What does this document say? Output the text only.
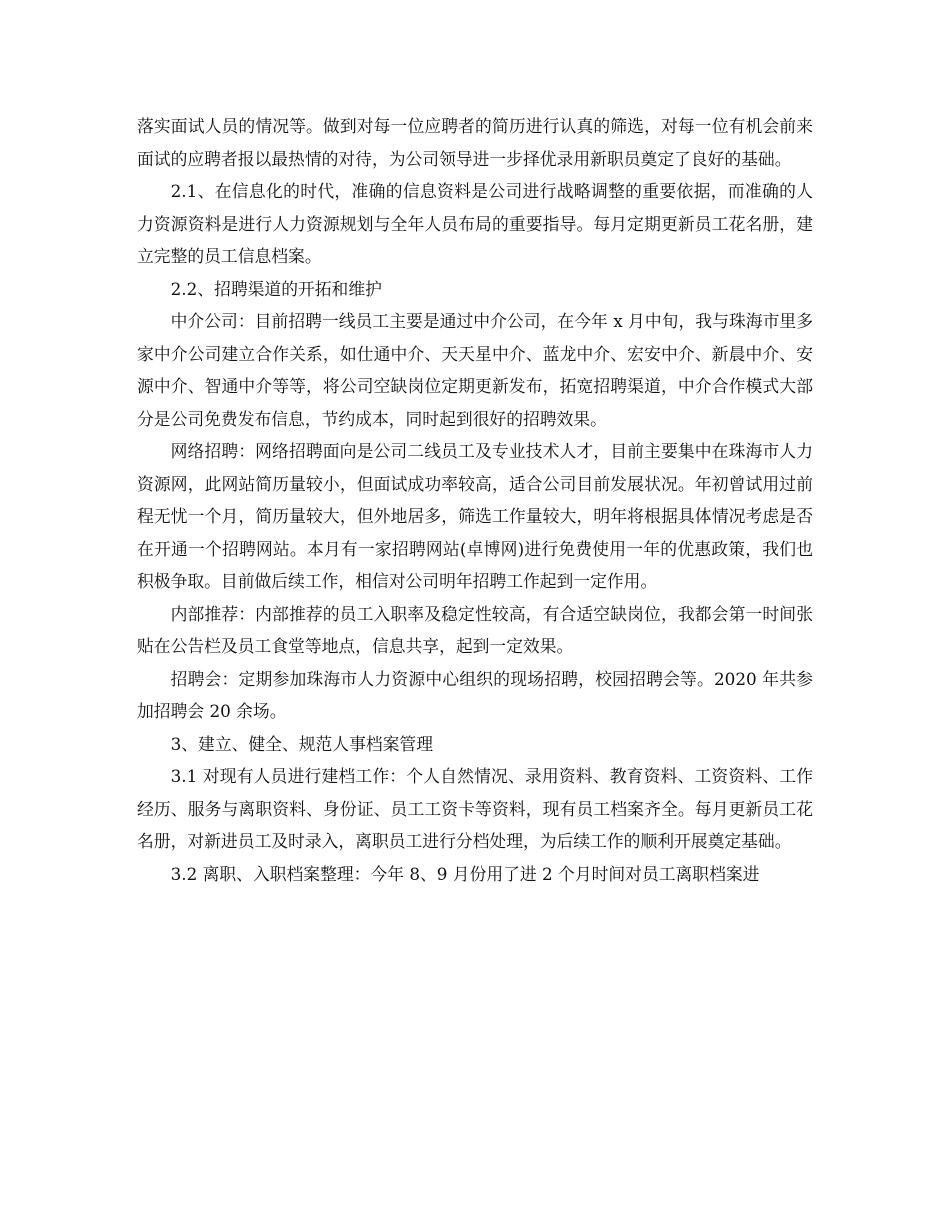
落实面试人员的情况等。做到对每一位应聘者的简历进行认真的筛选，对每一位有机会前来面试的应聘者报以最热情的对待，为公司领导进一步择优录用新职员奠定了良好的基础。

2.1、在信息化的时代，准确的信息资料是公司进行战略调整的重要依据，而准确的人力资源资料是进行人力资源规划与全年人员布局的重要指导。每月定期更新员工花名册，建立完整的员工信息档案。

2.2、招聘渠道的开拓和维护

中介公司：目前招聘一线员工主要是通过中介公司，在今年 x 月中旬，我与珠海市里多家中介公司建立合作关系，如仕通中介、天天星中介、蓝龙中介、宏安中介、新晨中介、安源中介、智通中介等等，将公司空缺岗位定期更新发布，拓宽招聘渠道，中介合作模式大部分是公司免费发布信息，节约成本，同时起到很好的招聘效果。

网络招聘：网络招聘面向是公司二线员工及专业技术人才，目前主要集中在珠海市人力资源网，此网站简历量较小，但面试成功率较高，适合公司目前发展状况。年初曾试用过前程无忧一个月，简历量较大，但外地居多，筛选工作量较大，明年将根据具体情况考虑是否在开通一个招聘网站。本月有一家招聘网站(卓博网)进行免费使用一年的优惠政策，我们也积极争取。目前做后续工作，相信对公司明年招聘工作起到一定作用。

内部推荐：内部推荐的员工入职率及稳定性较高，有合适空缺岗位，我都会第一时间张贴在公告栏及员工食堂等地点，信息共享，起到一定效果。

招聘会：定期参加珠海市人力资源中心组织的现场招聘，校园招聘会等。2020 年共参加招聘会 20 余场。

3、建立、健全、规范人事档案管理

3.1 对现有人员进行建档工作：个人自然情况、录用资料、教育资料、工资资料、工作经历、服务与离职资料、身份证、员工工资卡等资料，现有员工档案齐全。每月更新员工花名册，对新进员工及时录入，离职员工进行分档处理，为后续工作的顺利开展奠定基础。

3.2 离职、入职档案整理：今年 8、9 月份用了进 2 个月时间对员工离职档案进
